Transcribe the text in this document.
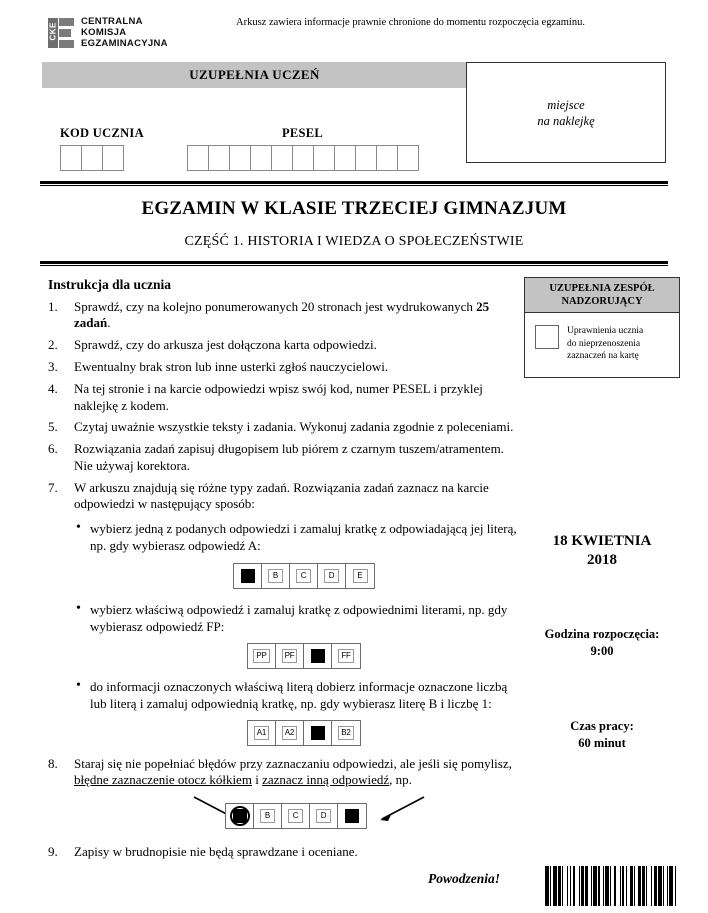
CKE
CENTRALNA
KOMISJA
EGZAMINACYJNA
Arkusz zawiera informacje prawnie chronione do momentu rozpoczęcia egzaminu.
UZUPEŁNIA UCZEŃ
KOD UCZNIA	PESEL
miejsce
na naklejkę
EGZAMIN W KLASIE TRZECIEJ GIMNAZJUM
CZĘŚĆ 1. HISTORIA I WIEDZA O SPOŁECZEŃSTWIE
Instrukcja dla ucznia
1.	Sprawdź, czy na kolejno ponumerowanych 20 stronach jest wydrukowanych 25 zadań.
2.	Sprawdź, czy do arkusza jest dołączona karta odpowiedzi.
3.	Ewentualny brak stron lub inne usterki zgłoś nauczycielowi.
4.	Na tej stronie i na karcie odpowiedzi wpisz swój kod, numer PESEL i przyklej naklejkę z kodem.
5.	Czytaj uważnie wszystkie teksty i zadania. Wykonuj zadania zgodnie z poleceniami.
6.	Rozwiązania zadań zapisuj długopisem lub piórem z czarnym tuszem/atramentem. Nie używaj korektora.
7.	W arkuszu znajdują się różne typy zadań. Rozwiązania zadań zaznacz na karcie odpowiedzi w następujący sposób:
• wybierz jedną z podanych odpowiedzi i zamaluj kratkę z odpowiadającą jej literą, np. gdy wybierasz odpowiedź A:
B	C	D	E
• wybierz właściwą odpowiedź i zamaluj kratkę z odpowiednimi literami, np. gdy wybierasz odpowiedź FP:
PP	PF	FF
• do informacji oznaczonych właściwą literą dobierz informacje oznaczone liczbą lub literą i zamaluj odpowiednią kratkę, np. gdy wybierasz literę B i liczbę 1:
A1	A2	B2
8.	Staraj się nie popełniać błędów przy zaznaczaniu odpowiedzi, ale jeśli się pomylisz, błędne zaznaczenie otocz kółkiem i zaznacz inną odpowiedź, np.
B	C	D
9.	Zapisy w brudnopisie nie będą sprawdzane i oceniane.
Powodzenia!
UZUPEŁNIA ZESPÓŁ
NADZORUJĄCY
Uprawnienia ucznia
do nieprzenoszenia
zaznaczeń na kartę
18 KWIETNIA
2018
Godzina rozpoczęcia:
9:00
Czas pracy:
60 minut
